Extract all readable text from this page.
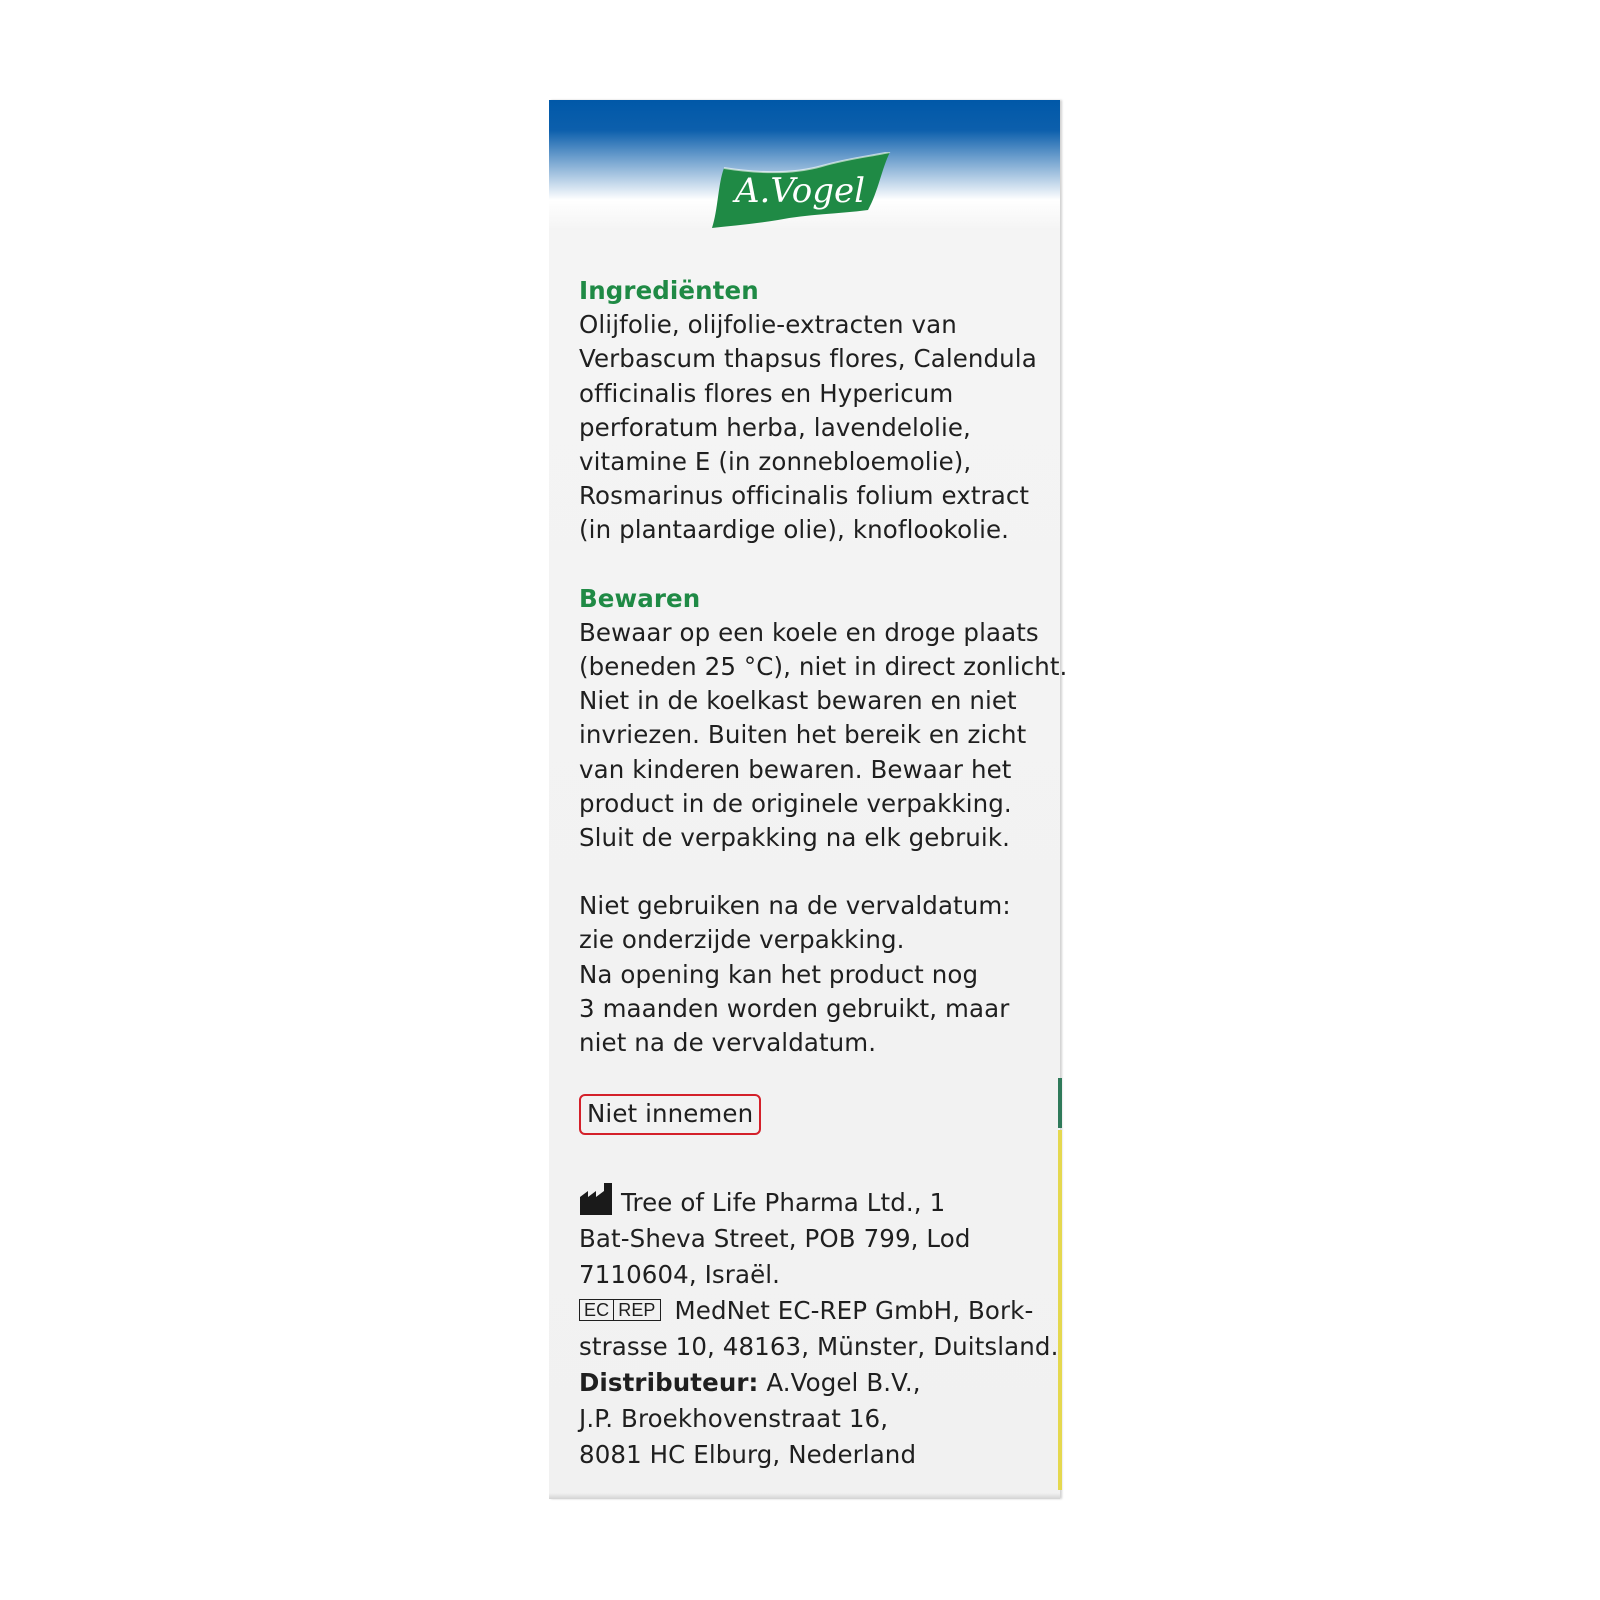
A.Vogel

Ingrediënten

Olijfolie, olijfolie-extracten van
Verbascum thapsus flores, Calendula
officinalis flores en Hypericum
perforatum herba, lavendelolie,
vitamine E (in zonnebloemolie),
Rosmarinus officinalis folium extract
(in plantaardige olie), knoflookolie.

Bewaren

Bewaar op een koele en droge plaats
(beneden 25 °C), niet in direct zonlicht.
Niet in de koelkast bewaren en niet
invriezen. Buiten het bereik en zicht
van kinderen bewaren. Bewaar het
product in de originele verpakking.
Sluit de verpakking na elk gebruik.

Niet gebruiken na de vervaldatum:
zie onderzijde verpakking.
Na opening kan het product nog
3 maanden worden gebruikt, maar
niet na de vervaldatum.

Niet innemen
Tree of Life Pharma Ltd., 1
Bat-Sheva Street, POB 799, Lod
7110604, Israël.
EC REP MedNet EC-REP GmbH, Bork-
strasse 10, 48163, Münster, Duitsland.
Distributeur: A.Vogel B.V.,
J.P. Broekhovenstraat 16,
8081 HC Elburg, Nederland
